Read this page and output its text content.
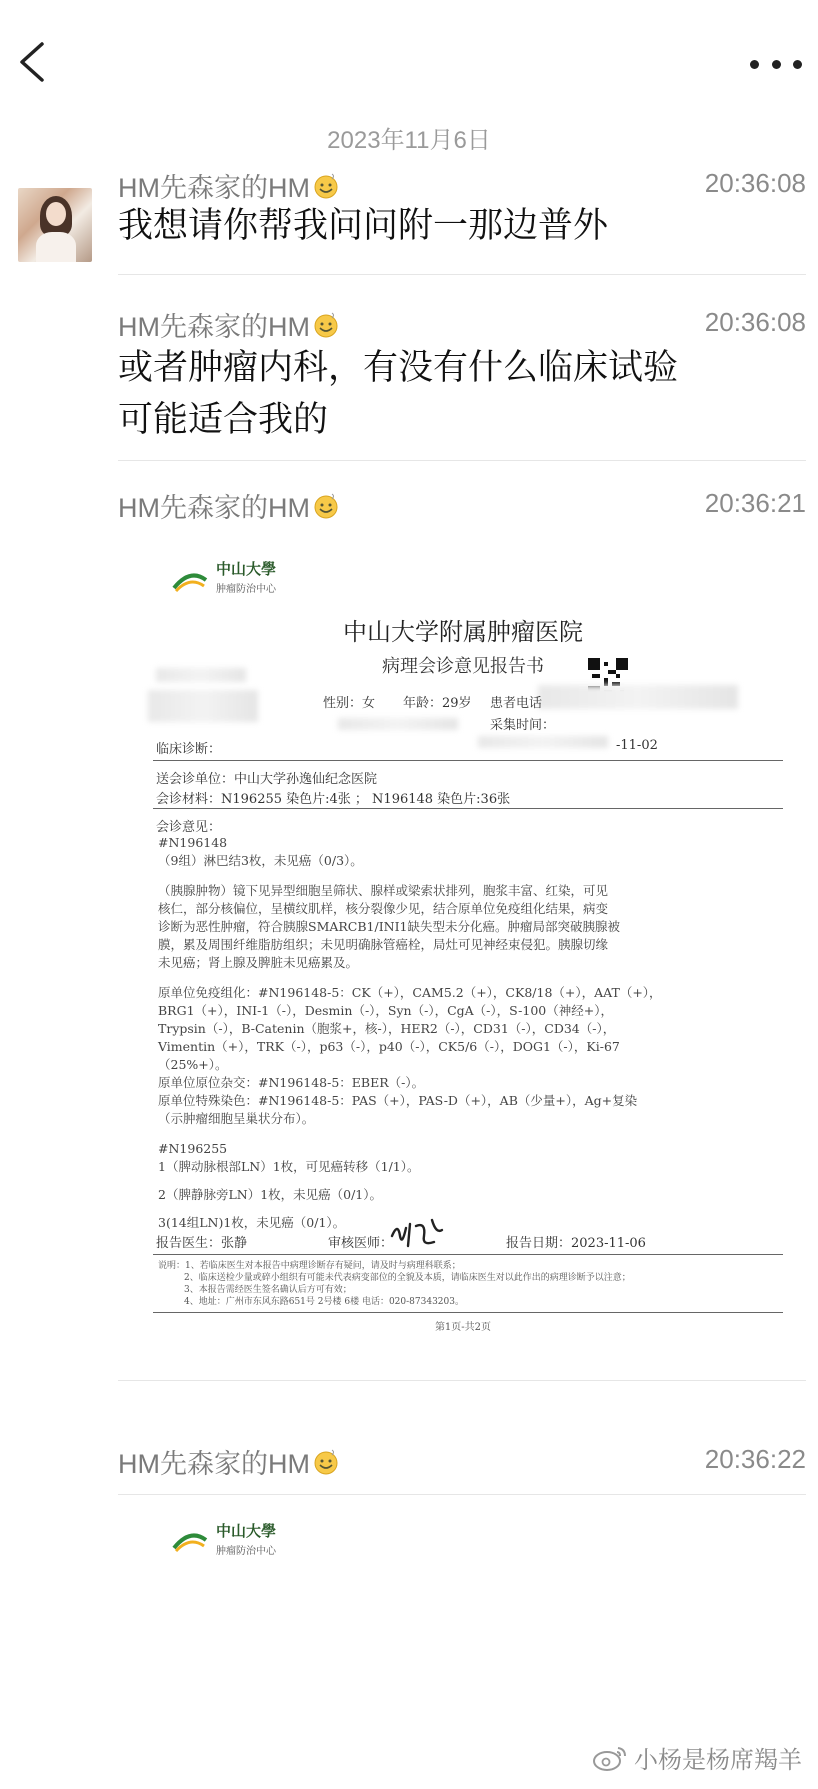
2023年11月6日
HM先森家的HM	20:36:08
我想请你帮我问问附一那边普外
HM先森家的HM	20:36:08
或者肿瘤内科，有没有什么临床试验可能适合我的
HM先森家的HM	20:36:21
中山大學
肿瘤防治中心
中山大学附属肿瘤医院
病理会诊意见报告书
性别：女 年龄：29岁 患者电话
采集时间：
临床诊断：	-11-02
送会诊单位：中山大学孙逸仙纪念医院
会诊材料：N196255 染色片:4张 ； N196148 染色片:36张
会诊意见：
#N196148
（9组）淋巴结3枚，未见癌（0/3）。
（胰腺肿物）镜下见异型细胞呈筛状、腺样或梁索状排列，胞浆丰富、红染，可见
核仁，部分核偏位，呈横纹肌样，核分裂像少见，结合原单位免疫组化结果，病变
诊断为恶性肿瘤，符合胰腺SMARCB1/INI1缺失型未分化癌。肿瘤局部突破胰腺被
膜，累及周围纤维脂肪组织；未见明确脉管癌栓，局灶可见神经束侵犯。胰腺切缘
未见癌；肾上腺及脾脏未见癌累及。
原单位免疫组化：#N196148-5：CK（+），CAM5.2（+），CK8/18（+），AAT（+），
BRG1（+），INI-1（-），Desmin（-），Syn（-），CgA（-），S-100（神经+），
Trypsin（-），B-Catenin（胞浆+，核-），HER2（-），CD31（-），CD34（-），
Vimentin（+），TRK（-），p63（-），p40（-），CK5/6（-），DOG1（-），Ki-67
（25%+）。
原单位原位杂交：#N196148-5：EBER（-）。
原单位特殊染色：#N196148-5：PAS（+），PAS-D（+），AB（少量+），Ag+复染
（示肿瘤细胞呈巢状分布）。
#N196255
1（脾动脉根部LN）1枚，可见癌转移（1/1）。
2（脾静脉旁LN）1枚，未见癌（0/1）。
3(14组LN)1枚，未见癌（0/1）。
报告医生：张静	审核医师：	报告日期：2023-11-06
说明：1、若临床医生对本报告中病理诊断存有疑问，请及时与病理科联系；
2、临床送检少量或碎小组织有可能未代表病变部位的全貌及本质，请临床医生对以此作出的病理诊断予以注意；
3、本报告需经医生签名确认后方可有效；
4、地址：广州市东风东路651号 2号楼 6楼 电话：020-87343203。
第1页-共2页
HM先森家的HM	20:36:22
中山大學
肿瘤防治中心
小杨是杨席羯羊
